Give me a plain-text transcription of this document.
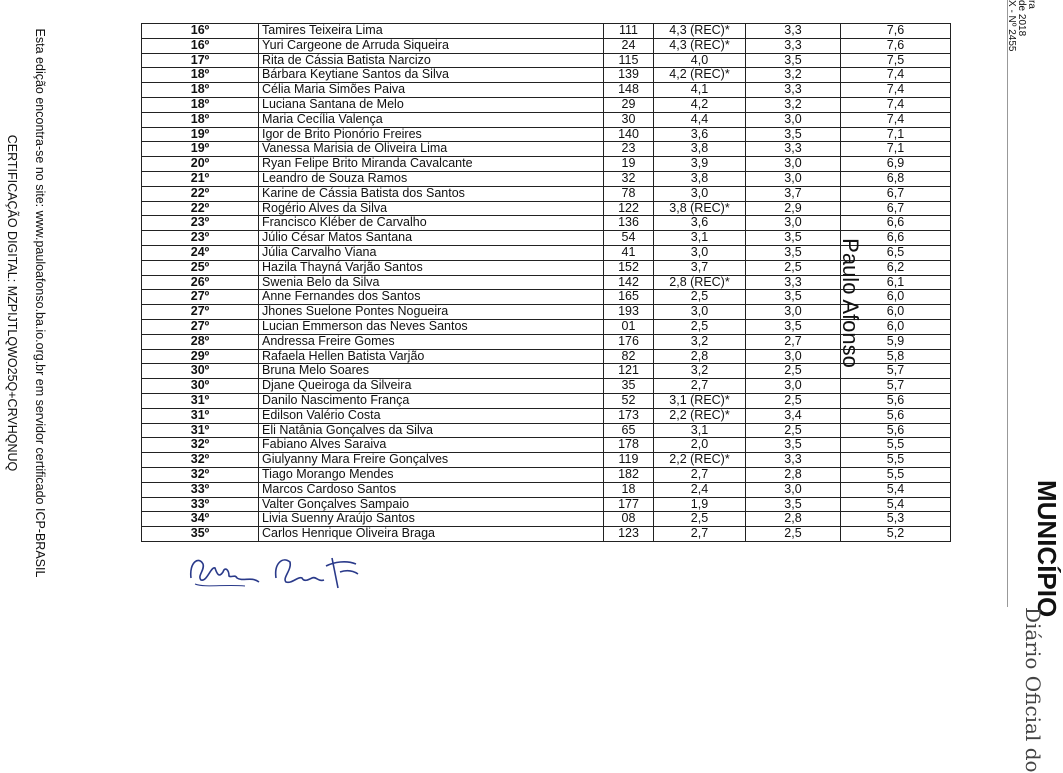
CERTIFICAÇÃO DIGITAL: MZPIJTLQWO25Q+CRVHQNUQ Esta edição encontra-se no site: www.pauloafonso.ba.io.org.br em servidor certificado ICP-BRASIL	16º	Tamires Teixeira Lima	111	4,3 (REC)*	3,3	7,6
16º	Yuri Cargeone de Arruda Siqueira	24	4,3 (REC)*	3,3	7,6
17º	Rita de Cássia Batista Narcizo	115	4,0	3,5	7,5
18º	Bárbara Keytiane Santos da Silva	139	4,2 (REC)*	3,2	7,4
18º	Célia Maria Simões Paiva	148	4,1	3,3	7,4
18º	Luciana Santana de Melo	29	4,2	3,2	7,4
18º	Maria Cecília Valença	30	4,4	3,0	7,4
19º	Igor de Brito Pionório Freires	140	3,6	3,5	7,1
19º	Vanessa Marisia de Oliveira Lima	23	3,8	3,3	7,1
20º	Ryan Felipe Brito Miranda Cavalcante	19	3,9	3,0	6,9
21º	Leandro de Souza Ramos	32	3,8	3,0	6,8
22º	Karine de Cássia Batista dos Santos	78	3,0	3,7	6,7
22º	Rogério Alves da Silva	122	3,8 (REC)*	2,9	6,7
23º	Francisco Kléber de Carvalho	136	3,6	3,0	6,6
23º	Júlio César Matos Santana	54	3,1	3,5	6,6
24º	Júlia Carvalho Viana	41	3,0	3,5	6,5
25º	Hazila Thayná Varjão Santos	152	3,7	2,5	6,2
26º	Swenia Belo da Silva	142	2,8 (REC)*	3,3	6,1
27º	Anne Fernandes dos Santos	165	2,5	3,5	6,0
27º	Jhones Suelone Pontes Nogueira	193	3,0	3,0	6,0
27º	Lucian Emmerson das Neves Santos	01	2,5	3,5	6,0
28º	Andressa Freire Gomes	176	3,2	2,7	5,9
29º	Rafaela Hellen Batista Varjão	82	2,8	3,0	5,8
30º	Bruna Melo Soares	121	3,2	2,5	5,7
30º	Djane Queiroga da Silveira	35	2,7	3,0	5,7
31º	Danilo Nascimento França	52	3,1 (REC)*	2,5	5,6
31º	Edilson Valério Costa	173	2,2 (REC)*	3,4	5,6
31º	Eli Natânia Gonçalves da Silva	65	3,1	2,5	5,6
32º	Fabiano Alves Saraiva	178	2,0	3,5	5,5
32º	Giulyanny Mara Freire Gonçalves	119	2,2 (REC)*	3,3	5,5
32º	Tiago Morango Mendes	182	2,7	2,8	5,5
33º	Marcos Cardoso Santos	18	2,4	3,0	5,4
33º	Valter Gonçalves Sampaio	177	1,9	3,5	5,4
34º	Livia Suenny Araújo Santos	08	2,5	2,8	5,3
35º	Carlos Henrique Oliveira Braga	123	2,7	2,5	5,2
Paulo Afonso
ra
de 2018
X - Nº 2455
MUNICÍPIO
Diário Oficial do
